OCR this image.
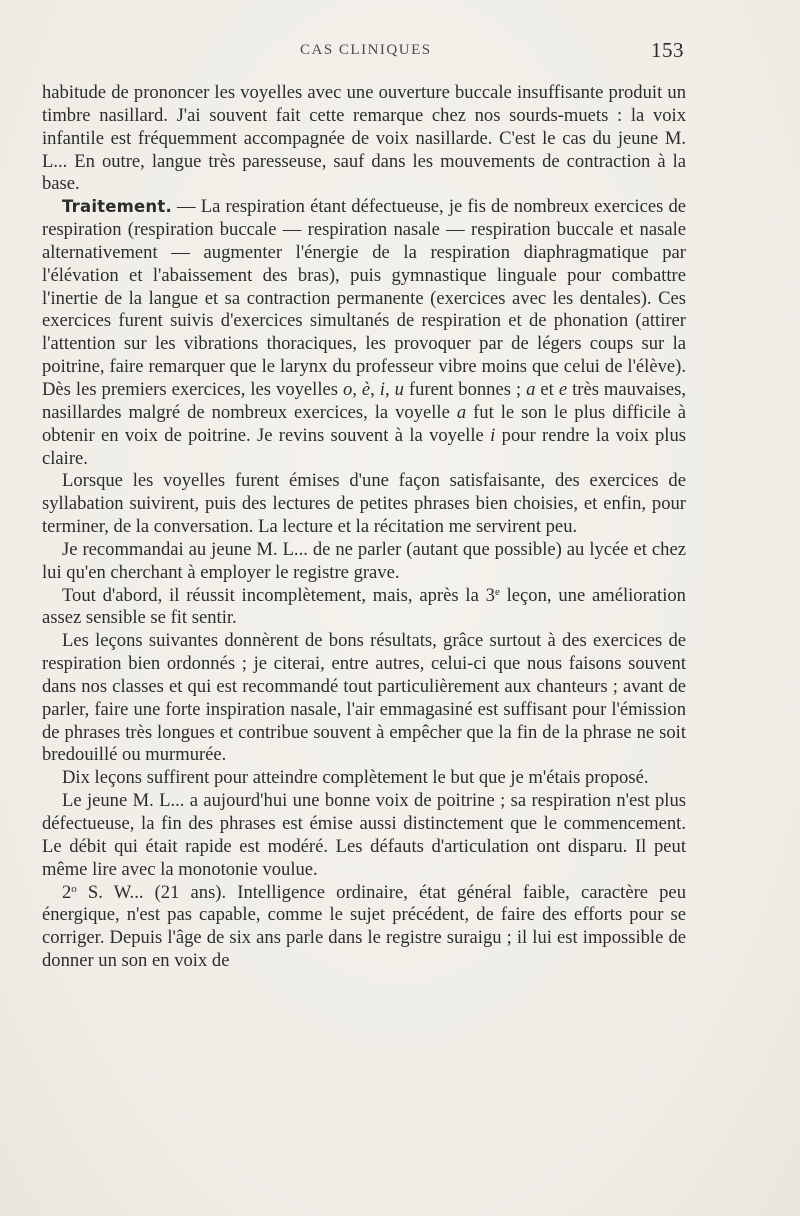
CAS CLINIQUES	153

habitude de prononcer les voyelles avec une ouverture buccale insuffisante produit un timbre nasillard. J'ai souvent fait cette remarque chez nos sourds-muets : la voix infantile est fréquemment accompagnée de voix nasillarde. C'est le cas du jeune M. L... En outre, langue très paresseuse, sauf dans les mouvements de contraction à la base.

Traitement. — La respiration étant défectueuse, je fis de nombreux exercices de respiration (respiration buccale — respiration nasale — respiration buccale et nasale alternativement — augmenter l'énergie de la respiration diaphragmatique par l'élévation et l'abaissement des bras), puis gymnastique linguale pour combattre l'inertie de la langue et sa contraction permanente (exercices avec les dentales). Ces exercices furent suivis d'exercices simultanés de respiration et de phonation (attirer l'attention sur les vibrations thoraciques, les provoquer par de légers coups sur la poitrine, faire remarquer que le larynx du professeur vibre moins que celui de l'élève). Dès les premiers exercices, les voyelles o, è, i, u furent bonnes ; a et e très mauvaises, nasillardes malgré de nombreux exercices, la voyelle a fut le son le plus difficile à obtenir en voix de poitrine. Je revins souvent à la voyelle i pour rendre la voix plus claire.

Lorsque les voyelles furent émises d'une façon satisfaisante, des exercices de syllabation suivirent, puis des lectures de petites phrases bien choisies, et enfin, pour terminer, de la conversation. La lecture et la récitation me servirent peu.

Je recommandai au jeune M. L... de ne parler (autant que possible) au lycée et chez lui qu'en cherchant à employer le registre grave.

Tout d'abord, il réussit incomplètement, mais, après la 3e leçon, une amélioration assez sensible se fit sentir.

Les leçons suivantes donnèrent de bons résultats, grâce surtout à des exercices de respiration bien ordonnés ; je citerai, entre autres, celui-ci que nous faisons souvent dans nos classes et qui est recommandé tout particulièrement aux chanteurs ; avant de parler, faire une forte inspiration nasale, l'air emmagasiné est suffisant pour l'émission de phrases très longues et contribue souvent à empêcher que la fin de la phrase ne soit bredouillé ou murmurée.

Dix leçons suffirent pour atteindre complètement le but que je m'étais proposé.

Le jeune M. L... a aujourd'hui une bonne voix de poitrine ; sa respiration n'est plus défectueuse, la fin des phrases est émise aussi distinctement que le commencement. Le débit qui était rapide est modéré. Les défauts d'articulation ont disparu. Il peut même lire avec la monotonie voulue.

2$^o$ S. W... (21 ans). Intelligence ordinaire, état général faible, caractère peu énergique, n'est pas capable, comme le sujet précédent, de faire des efforts pour se corriger. Depuis l'âge de six ans parle dans le registre suraigu ; il lui est impossible de donner un son en voix de
